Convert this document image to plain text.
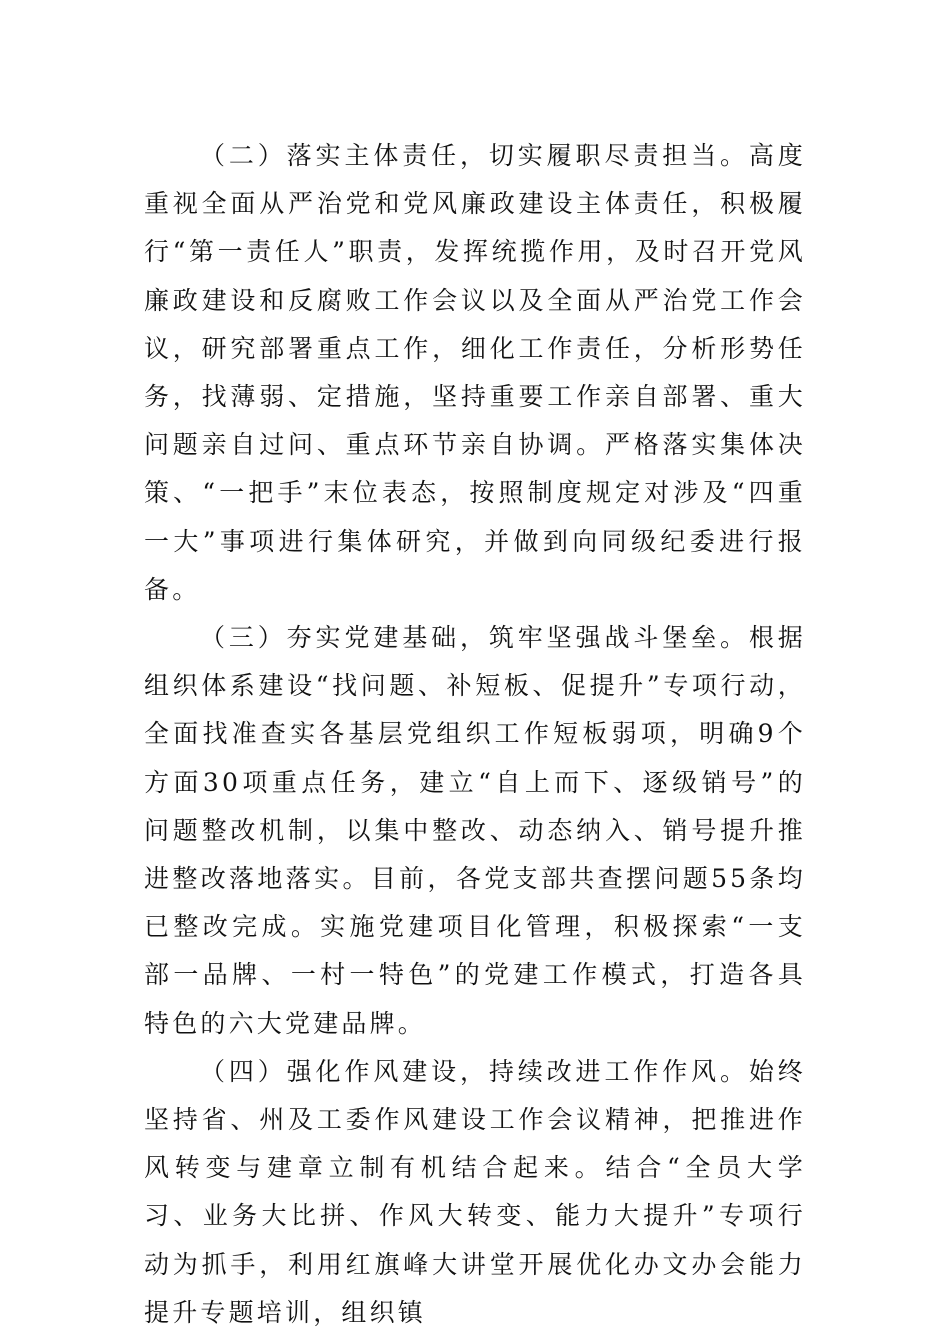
（二）落实主体责任，切实履职尽责担当。高度重视全面从严治党和党风廉政建设主体责任，积极履行“第一责任人”职责，发挥统揽作用，及时召开党风廉政建设和反腐败工作会议以及全面从严治党工作会议，研究部署重点工作，细化工作责任，分析形势任务，找薄弱、定措施，坚持重要工作亲自部署、重大问题亲自过问、重点环节亲自协调。严格落实集体决策、“一把手”末位表态，按照制度规定对涉及“四重一大”事项进行集体研究，并做到向同级纪委进行报备。

（三）夯实党建基础，筑牢坚强战斗堡垒。根据组织体系建设“找问题、补短板、促提升”专项行动，全面找准查实各基层党组织工作短板弱项，明确9个方面30项重点任务，建立“自上而下、逐级销号”的问题整改机制，以集中整改、动态纳入、销号提升推进整改落地落实。目前，各党支部共查摆问题55条均已整改完成。实施党建项目化管理，积极探索“一支部一品牌、一村一特色”的党建工作模式，打造各具特色的六大党建品牌。

（四）强化作风建设，持续改进工作作风。始终坚持省、州及工委作风建设工作会议精神，把推进作风转变与建章立制有机结合起来。结合“全员大学习、业务大比拼、作风大转变、能力大提升”专项行动为抓手，利用红旗峰大讲堂开展优化办文办会能力提升专题培训，组织镇
